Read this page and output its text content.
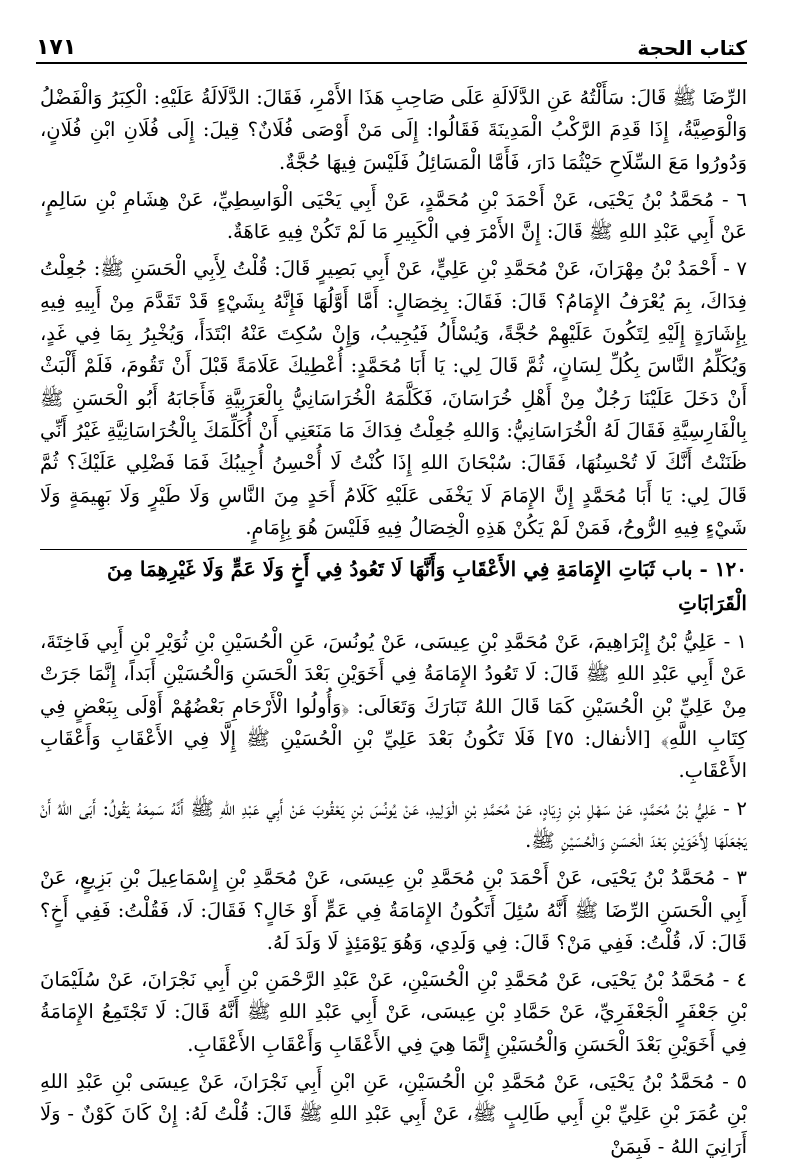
كتاب الحجة
١٧١

الرِّضَا ﷺ قَالَ: سَأَلْتُهُ عَنِ الدَّلَالَةِ عَلَى صَاحِبِ هَذَا الأَمْرِ، فَقَالَ: الدَّلَالَةُ عَلَيْهِ: الْكِبَرُ وَالْفَضْلُ وَالْوَصِيَّةُ، إِذَا قَدِمَ الرَّكْبُ الْمَدِينَةَ فَقَالُوا: إِلَى مَنْ أَوْصَى فُلَانٌ؟ قِيلَ: إِلَى فُلَانِ ابْنِ فُلَانٍ، وَدُورُوا مَعَ السِّلَاحِ حَيْثُمَا دَارَ، فَأَمَّا الْمَسَائِلُ فَلَيْسَ فِيهَا حُجَّةٌ.

٦ - مُحَمَّدُ بْنُ يَحْيَى، عَنْ أَحْمَدَ بْنِ مُحَمَّدٍ، عَنْ أَبِي يَحْيَى الْوَاسِطِيِّ، عَنْ هِشَامِ بْنِ سَالِمٍ، عَنْ أَبِي عَبْدِ اللهِ ﷺ قَالَ: إِنَّ الأَمْرَ فِي الْكَبِيرِ مَا لَمْ تَكُنْ فِيهِ عَاهَةٌ.

٧ - أَحْمَدُ بْنُ مِهْرَانَ، عَنْ مُحَمَّدِ بْنِ عَلِيٍّ، عَنْ أَبِي بَصِيرٍ قَالَ: قُلْتُ لِأَبِي الْحَسَنِ ﷺ: جُعِلْتُ فِدَاكَ، بِمَ يُعْرَفُ الإِمَامُ؟ قَالَ: فَقَالَ: بِخِصَالٍ: أَمَّا أَوَّلُهَا فَإِنَّهُ بِشَيْءٍ قَدْ تَقَدَّمَ مِنْ أَبِيهِ فِيهِ بِإِشَارَةٍ إِلَيْهِ لِتَكُونَ عَلَيْهِمْ حُجَّةً، وَيُسْأَلُ فَيُجِيبُ، وَإِنْ سُكِتَ عَنْهُ ابْتَدَأَ، وَيُخْبِرُ بِمَا فِي غَدٍ، وَيُكَلِّمُ النَّاسَ بِكُلِّ لِسَانٍ، ثُمَّ قَالَ لِي: يَا أَبَا مُحَمَّدٍ: أُعْطِيكَ عَلَامَةً قَبْلَ أَنْ تَقُومَ، فَلَمْ أَلْبَثْ أَنْ دَخَلَ عَلَيْنَا رَجُلٌ مِنْ أَهْلِ خُرَاسَانَ، فَكَلَّمَهُ الْخُرَاسَانِيُّ بِالْعَرَبِيَّةِ فَأَجَابَهُ أَبُو الْحَسَنِ ﷺ بِالْفَارِسِيَّةِ فَقَالَ لَهُ الْخُرَاسَانِيُّ: وَاللهِ جُعِلْتُ فِدَاكَ مَا مَنَعَنِي أَنْ أُكَلِّمَكَ بِالْخُرَاسَانِيَّةِ غَيْرُ أَنِّي ظَنَنْتُ أَنَّكَ لَا تُحْسِنُهَا، فَقَالَ: سُبْحَانَ اللهِ إِذَا كُنْتُ لَا أُحْسِنُ أُجِيبُكَ فَمَا فَضْلِي عَلَيْكَ؟ ثُمَّ قَالَ لِي: يَا أَبَا مُحَمَّدٍ إِنَّ الإِمَامَ لَا يَخْفَى عَلَيْهِ كَلَامُ أَحَدٍ مِنَ النَّاسِ وَلَا طَيْرٍ وَلَا بَهِيمَةٍ وَلَا شَيْءٍ فِيهِ الرُّوحُ، فَمَنْ لَمْ يَكُنْ هَذِهِ الْخِصَالُ فِيهِ فَلَيْسَ هُوَ بِإِمَامٍ.

١٢٠ - باب ثَبَاتِ الإِمَامَةِ فِي الأَعْقَابِ وَأَنَّهَا لَا تَعُودُ فِي أَخٍ وَلَا عَمٍّ وَلَا غَيْرِهِمَا مِنَ الْقَرَابَاتِ

١ - عَلِيُّ بْنُ إِبْرَاهِيمَ، عَنْ مُحَمَّدِ بْنِ عِيسَى، عَنْ يُونُسَ، عَنِ الْحُسَيْنِ بْنِ ثُوَيْرِ بْنِ أَبِي فَاخِتَةَ، عَنْ أَبِي عَبْدِ اللهِ ﷺ قَالَ: لَا تَعُودُ الإِمَامَةُ فِي أَخَوَيْنِ بَعْدَ الْحَسَنِ وَالْحُسَيْنِ أَبَداً، إِنَّمَا جَرَتْ مِنْ عَلِيِّ بْنِ الْحُسَيْنِ كَمَا قَالَ اللهُ تَبَارَكَ وَتَعَالَى: ﴿وَأُولُوا الْأَرْحَامِ بَعْضُهُمْ أَوْلَى بِبَعْضٍ فِي كِتَابِ اللَّهِ﴾ [الأنفال: ٧٥] فَلَا تَكُونُ بَعْدَ عَلِيِّ بْنِ الْحُسَيْنِ ﷺ إِلَّا فِي الأَعْقَابِ وَأَعْقَابِ الأَعْقَابِ.

٢ - عَلِيُّ بْنُ مُحَمَّدٍ، عَنْ سَهْلِ بْنِ زِيَادٍ، عَنْ مُحَمَّدِ بْنِ الْوَلِيدِ، عَنْ يُونُسَ بْنِ يَعْقُوبَ عَنْ أَبِي عَبْدِ اللهِ ﷺ أَنَّهُ سَمِعَهُ يَقُولُ: أَبَى اللهُ أَنْ يَجْعَلَهَا لِأَخَوَيْنِ بَعْدَ الْحَسَنِ وَالْحُسَيْنِ ﷺ.

٣ - مُحَمَّدُ بْنُ يَحْيَى، عَنْ أَحْمَدَ بْنِ مُحَمَّدِ بْنِ عِيسَى، عَنْ مُحَمَّدِ بْنِ إِسْمَاعِيلَ بْنِ بَزِيعٍ، عَنْ أَبِي الْحَسَنِ الرِّضَا ﷺ أَنَّهُ سُئِلَ أَتَكُونُ الإِمَامَةُ فِي عَمٍّ أَوْ خَالٍ؟ فَقَالَ: لَا، فَقُلْتُ: فَفِي أَخٍ؟ قَالَ: لَا، قُلْتُ: فَفِي مَنْ؟ قَالَ: فِي وَلَدِي، وَهُوَ يَوْمَئِذٍ لَا وَلَدَ لَهُ.

٤ - مُحَمَّدُ بْنُ يَحْيَى، عَنْ مُحَمَّدِ بْنِ الْحُسَيْنِ، عَنْ عَبْدِ الرَّحْمَنِ بْنِ أَبِي نَجْرَانَ، عَنْ سُلَيْمَانَ بْنِ جَعْفَرٍ الْجَعْفَرِيِّ، عَنْ حَمَّادِ بْنِ عِيسَى، عَنْ أَبِي عَبْدِ اللهِ ﷺ أَنَّهُ قَالَ: لَا تَجْتَمِعُ الإِمَامَةُ فِي أَخَوَيْنِ بَعْدَ الْحَسَنِ وَالْحُسَيْنِ إِنَّمَا هِيَ فِي الأَعْقَابِ وَأَعْقَابِ الأَعْقَابِ.

٥ - مُحَمَّدُ بْنُ يَحْيَى، عَنْ مُحَمَّدِ بْنِ الْحُسَيْنِ، عَنِ ابْنِ أَبِي نَجْرَانَ، عَنْ عِيسَى بْنِ عَبْدِ اللهِ بْنِ عُمَرَ بْنِ عَلِيِّ بْنِ أَبِي طَالِبٍ ﷺ، عَنْ أَبِي عَبْدِ اللهِ ﷺ قَالَ: قُلْتُ لَهُ: إِنْ كَانَ كَوْنٌ - وَلَا أَرَانِيَ اللهُ - فَبِمَنْ
